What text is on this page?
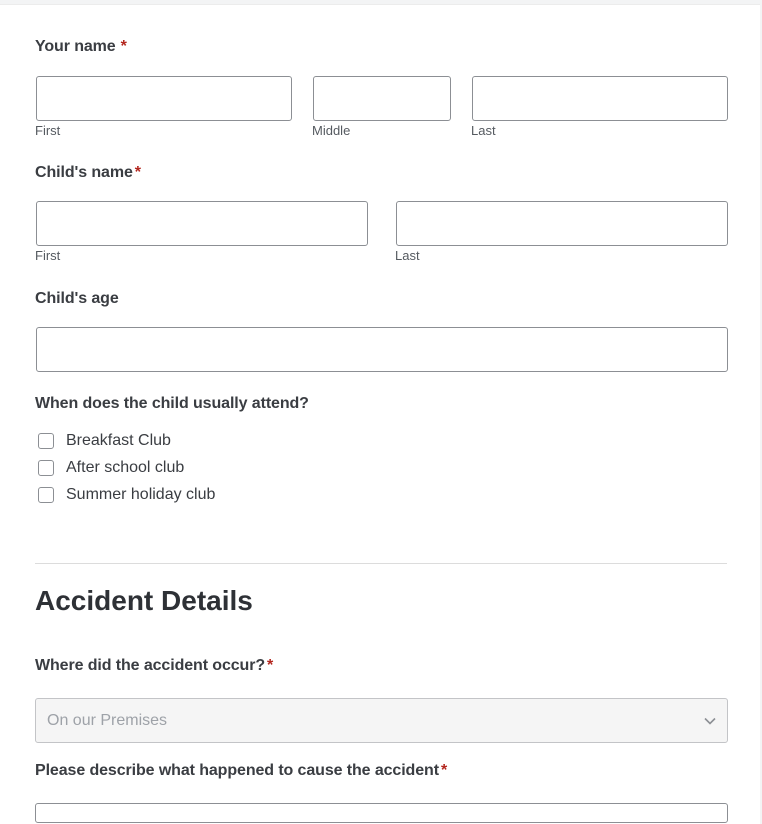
Your name *
First	Middle	Last
Child's name *
First	Last
Child's age
When does the child usually attend?
Breakfast Club
After school club
Summer holiday club
Accident Details
Where did the accident occur? *
On our Premises
Please describe what happened to cause the accident *
